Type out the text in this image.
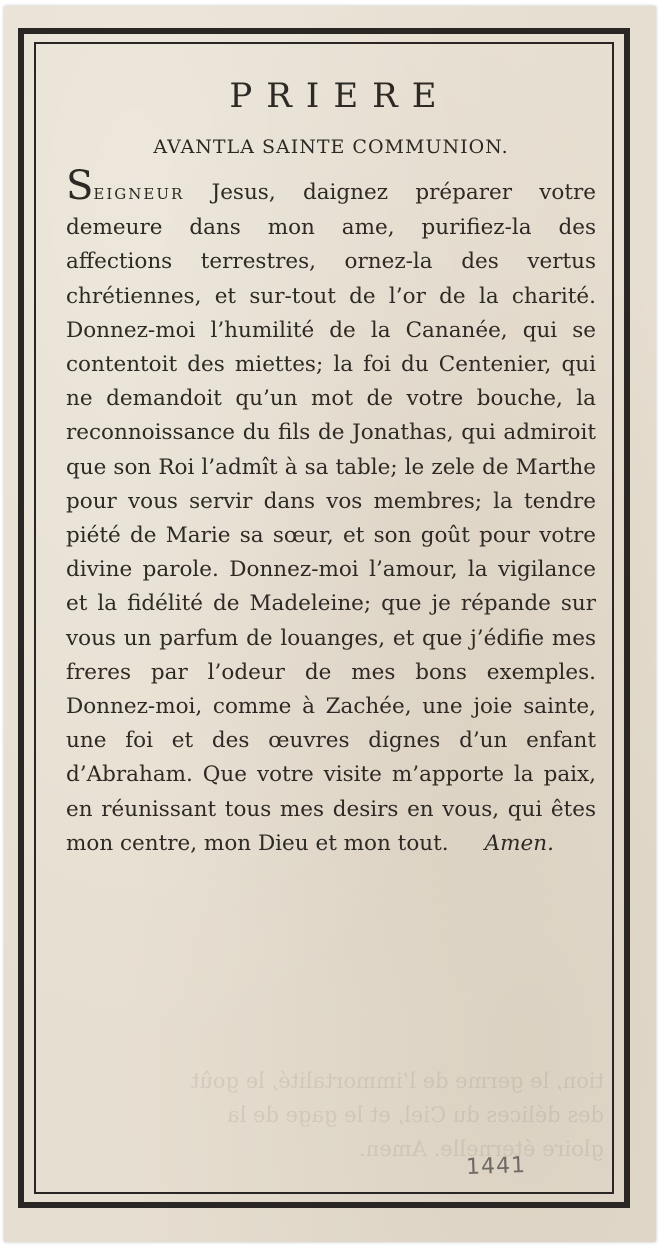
tion, le germe de l’immortalité, le goût des délices du Ciel, et le gage de la gloire éternelle. Amen.
PRIERE
AVANTLA SAINTE COMMUNION.

SEIGNEUR Jesus, daignez préparer votre demeure dans mon ame, purifiez-la des affections terrestres, ornez-la des vertus chrétiennes, et sur-tout de l’or de la charité. Donnez-moi l’humilité de la Cananée, qui se contentoit des miettes; la foi du Centenier, qui ne demandoit qu’un mot de votre bouche, la reconnoissance du fils de Jonathas, qui admiroit que son Roi l’admît à sa table; le zele de Marthe pour vous servir dans vos membres; la tendre piété de Marie sa sœur, et son goût pour votre divine parole. Donnez-moi l’amour, la vigilance et la fidélité de Madeleine; que je répande sur vous un parfum de louanges, et que j’édifie mes freres par l’odeur de mes bons exemples. Donnez-moi, comme à Zachée, une joie sainte, une foi et des œuvres dignes d’un enfant d’Abraham. Que votre visite m’apporte la paix, en réunissant tous mes desirs en vous, qui êtes mon centre, mon Dieu et mon tout. Amen.

1441
